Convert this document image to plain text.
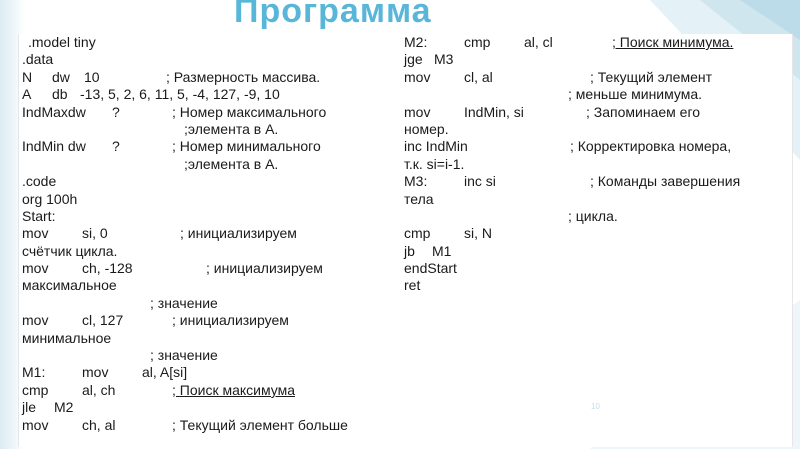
Программа
.model tiny
.data
N dw 10	; Размерность массива.
A db -13, 5, 2, 6, 11, 5, -4, 127, -9, 10
IndMaxdw ?	; Номер максимального
;элемента в А.
IndMin dw ?	; Номер минимального
;элемента в А.
.code
org 100h
Start:
mov si, 0	; инициализируем
счётчик цикла.
mov ch, -128	; инициализируем
максимальное
; значение
mov cl, 127	; инициализируем
минимальное
; значение
M1:	mov al, A[si]
cmp al, ch	; Поиск максимума
jle M2
mov ch, al	; Текущий элемент больше
M2:	cmp al, cl	; Поиск минимума.
jge M3
mov cl, al	; Текущий элемент
; меньше минимума.
mov IndMin, si	; Запоминаем его
номер.
inc IndMin	; Корректировка номера,
т.к. si=i-1.
M3:	inc si	; Команды завершения
тела
; цикла.
cmp si, N
jb M1
endStart
ret
10
